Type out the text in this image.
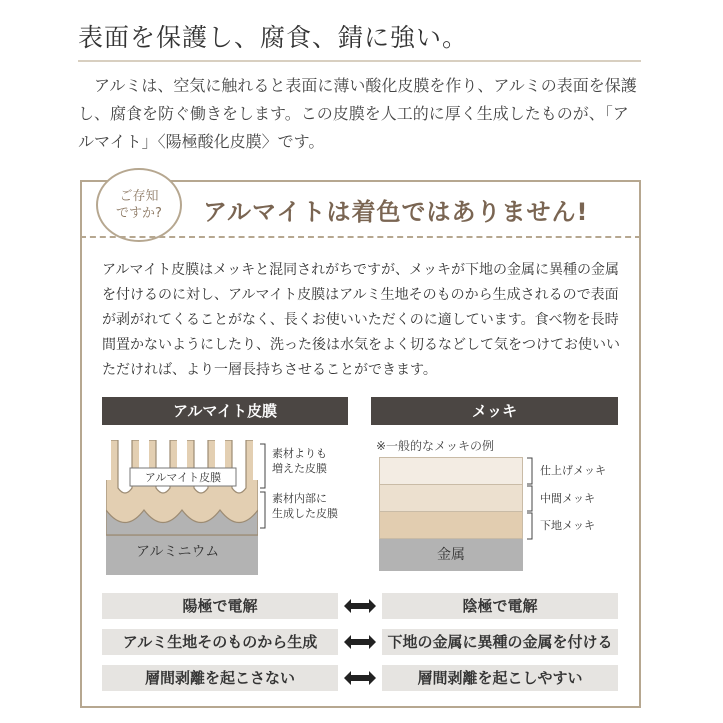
表面を保護し、腐食、錆に強い。

アルミは、空気に触れると表面に薄い酸化皮膜を作り、アルミの表面を保護し、腐食を防ぐ働きをします。この皮膜を人工的に厚く生成したものが、「アルマイト」〈陽極酸化皮膜〉です。

ご存知
ですか?	アルマイトは着色ではありません!
アルマイト皮膜はメッキと混同されがちですが、メッキが下地の金属に異種の金属を付けるのに対し、アルマイト皮膜はアルミ生地そのものから生成されるので表面が剥がれてくることがなく、長くお使いいただくのに適しています。食べ物を長時間置かないようにしたり、洗った後は水気をよく切るなどして気をつけてお使いいただければ、より一層長持ちさせることができます。
アルマイト皮膜	メッキ
アルマイト皮膜
アルミニウム
素材よりも
増えた皮膜
素材内部に
生成した皮膜
※一般的なメッキの例
金属
仕上げメッキ
中間メッキ
下地メッキ
陽極で電解	陰極で電解
アルミ生地そのものから生成	下地の金属に異種の金属を付ける
層間剥離を起こさない	層間剥離を起こしやすい
